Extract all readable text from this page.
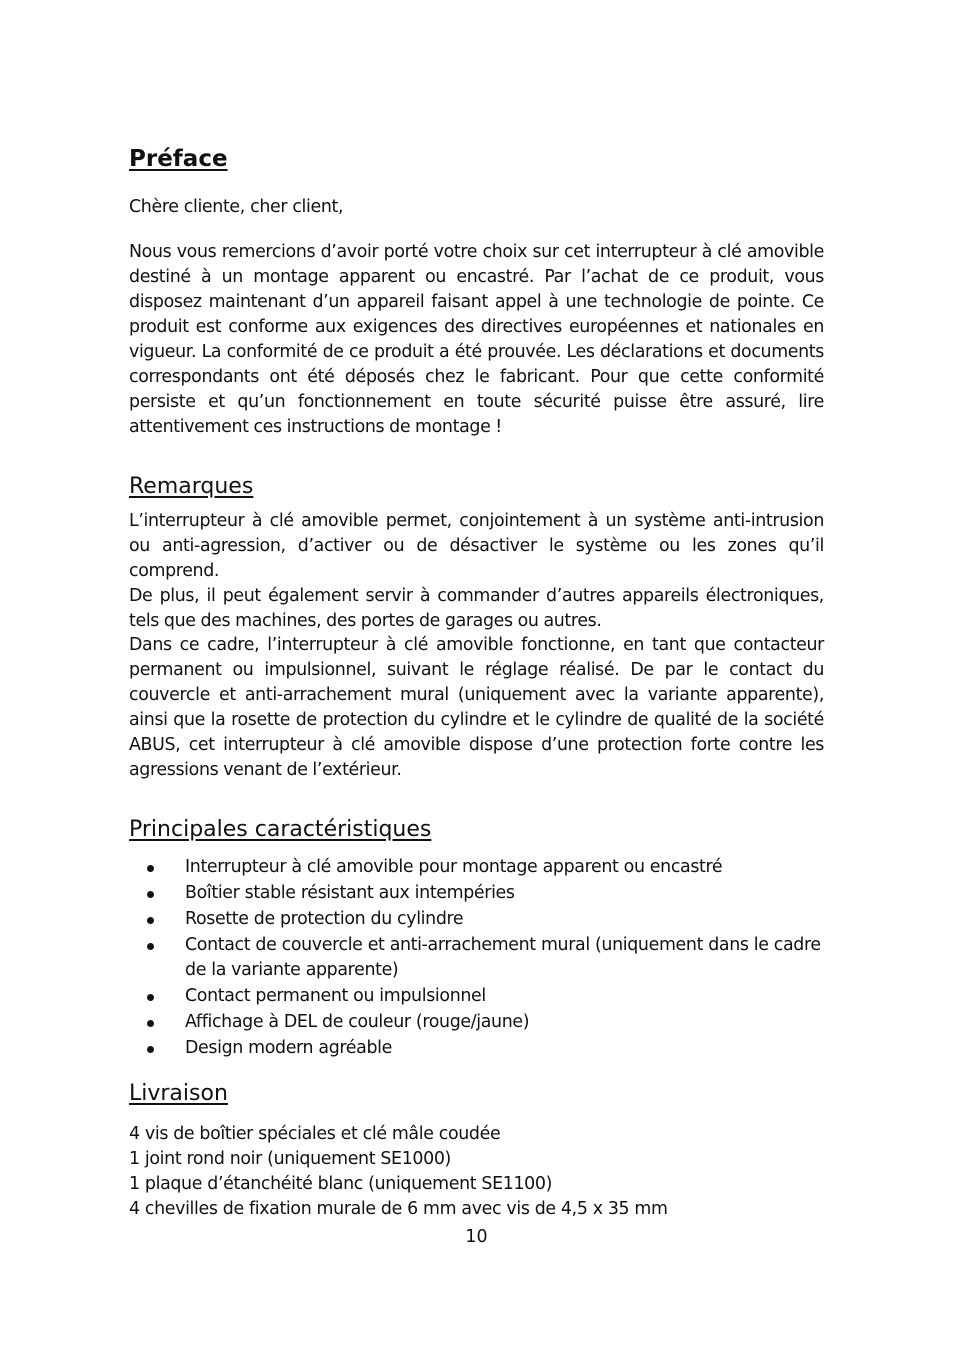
Préface

Chère cliente, cher client,

Nous vous remercions d’avoir porté votre choix sur cet interrupteur à clé amovible destiné à un montage apparent ou encastré. Par l’achat de ce produit, vous disposez maintenant d’un appareil faisant appel à une technologie de pointe. Ce produit est conforme aux exigences des directives européennes et nationales en vigueur. La conformité de ce produit a été prouvée. Les déclarations et documents correspondants ont été déposés chez le fabricant. Pour que cette conformité persiste et qu’un fonctionnement en toute sécurité puisse être assuré, lire attentivement ces instructions de montage !

Remarques

L’interrupteur à clé amovible permet, conjointement à un système anti-intrusion ou anti-agression, d’activer ou de désactiver le système ou les zones qu’il comprend.

De plus, il peut également servir à commander d’autres appareils électroniques, tels que des machines, des portes de garages ou autres.

Dans ce cadre, l’interrupteur à clé amovible fonctionne, en tant que contacteur permanent ou impulsionnel, suivant le réglage réalisé. De par le contact du couvercle et anti-arrachement mural (uniquement avec la variante apparente), ainsi que la rosette de protection du cylindre et le cylindre de qualité de la société ABUS, cet interrupteur à clé amovible dispose d’une protection forte contre les agressions venant de l’extérieur.

Principales caractéristiques
Interrupteur à clé amovible pour montage apparent ou encastré
Boîtier stable résistant aux intempéries
Rosette de protection du cylindre
Contact de couvercle et anti-arrachement mural (uniquement dans le cadre de la variante apparente)
Contact permanent ou impulsionnel
Affichage à DEL de couleur (rouge/jaune)
Design modern agréable
Livraison

4 vis de boîtier spéciales et clé mâle coudée

1 joint rond noir (uniquement SE1000)

1 plaque d’étanchéité blanc (uniquement SE1100)

4 chevilles de fixation murale de 6 mm avec vis de 4,5 x 35 mm

10
